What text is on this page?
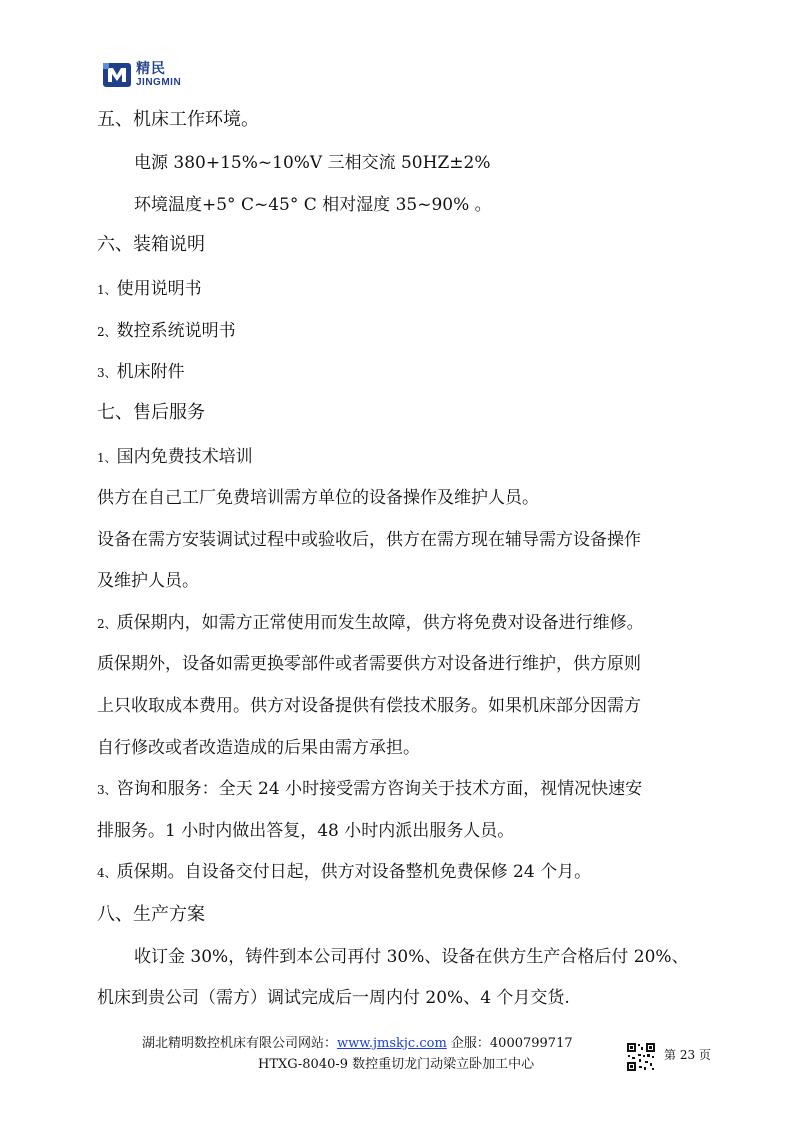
精民
JINGMIN
五、机床工作环境。
电源 380+15%~10%V 三相交流 50HZ±2%
环境温度+5° C~45° C 相对湿度 35~90% 。
六、装箱说明
1、使用说明书
2、数控系统说明书
3、机床附件
七、售后服务
1、国内免费技术培训
供方在自己工厂免费培训需方单位的设备操作及维护人员。
设备在需方安装调试过程中或验收后，供方在需方现在辅导需方设备操作
及维护人员。
2、质保期内，如需方正常使用而发生故障，供方将免费对设备进行维修。
质保期外，设备如需更换零部件或者需要供方对设备进行维护，供方原则
上只收取成本费用。供方对设备提供有偿技术服务。如果机床部分因需方
自行修改或者改造造成的后果由需方承担。
3、咨询和服务：全天 24 小时接受需方咨询关于技术方面，视情况快速安
排服务。1 小时内做出答复，48 小时内派出服务人员。
4、质保期。自设备交付日起，供方对设备整机免费保修 24 个月。
八、生产方案
收订金 30%，铸件到本公司再付 30%、设备在供方生产合格后付 20%、
机床到贵公司（需方）调试完成后一周内付 20%、4 个月交货.
湖北精明数控机床有限公司网站：www.jmskjc.com 企服：4000799717
HTXG-8040-9 数控重切龙门动梁立卧加工中心
第 23 页
